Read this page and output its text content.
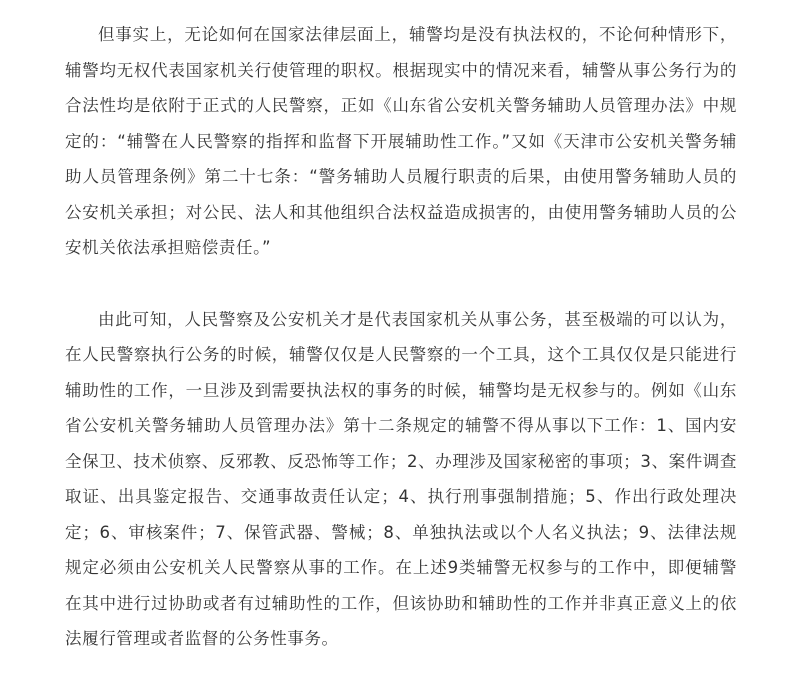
但事实上，无论如何在国家法律层面上，辅警均是没有执法权的，不论何种情形下，辅警均无权代表国家机关行使管理的职权。根据现实中的情况来看，辅警从事公务行为的合法性均是依附于正式的人民警察，正如《山东省公安机关警务辅助人员管理办法》中规定的：“辅警在人民警察的指挥和监督下开展辅助性工作。”又如《天津市公安机关警务辅助人员管理条例》第二十七条：“警务辅助人员履行职责的后果，由使用警务辅助人员的公安机关承担；对公民、法人和其他组织合法权益造成损害的，由使用警务辅助人员的公安机关依法承担赔偿责任。”

由此可知，人民警察及公安机关才是代表国家机关从事公务，甚至极端的可以认为，在人民警察执行公务的时候，辅警仅仅是人民警察的一个工具，这个工具仅仅是只能进行辅助性的工作，一旦涉及到需要执法权的事务的时候，辅警均是无权参与的。例如《山东省公安机关警务辅助人员管理办法》第十二条规定的辅警不得从事以下工作：1、国内安全保卫、技术侦察、反邪教、反恐怖等工作；2、办理涉及国家秘密的事项；3、案件调查取证、出具鉴定报告、交通事故责任认定；4、执行刑事强制措施；5、作出行政处理决定；6、审核案件；7、保管武器、警械；8、单独执法或以个人名义执法；9、法律法规规定必须由公安机关人民警察从事的工作。在上述9类辅警无权参与的工作中，即便辅警在其中进行过协助或者有过辅助性的工作，但该协助和辅助性的工作并非真正意义上的依法履行管理或者监督的公务性事务。
